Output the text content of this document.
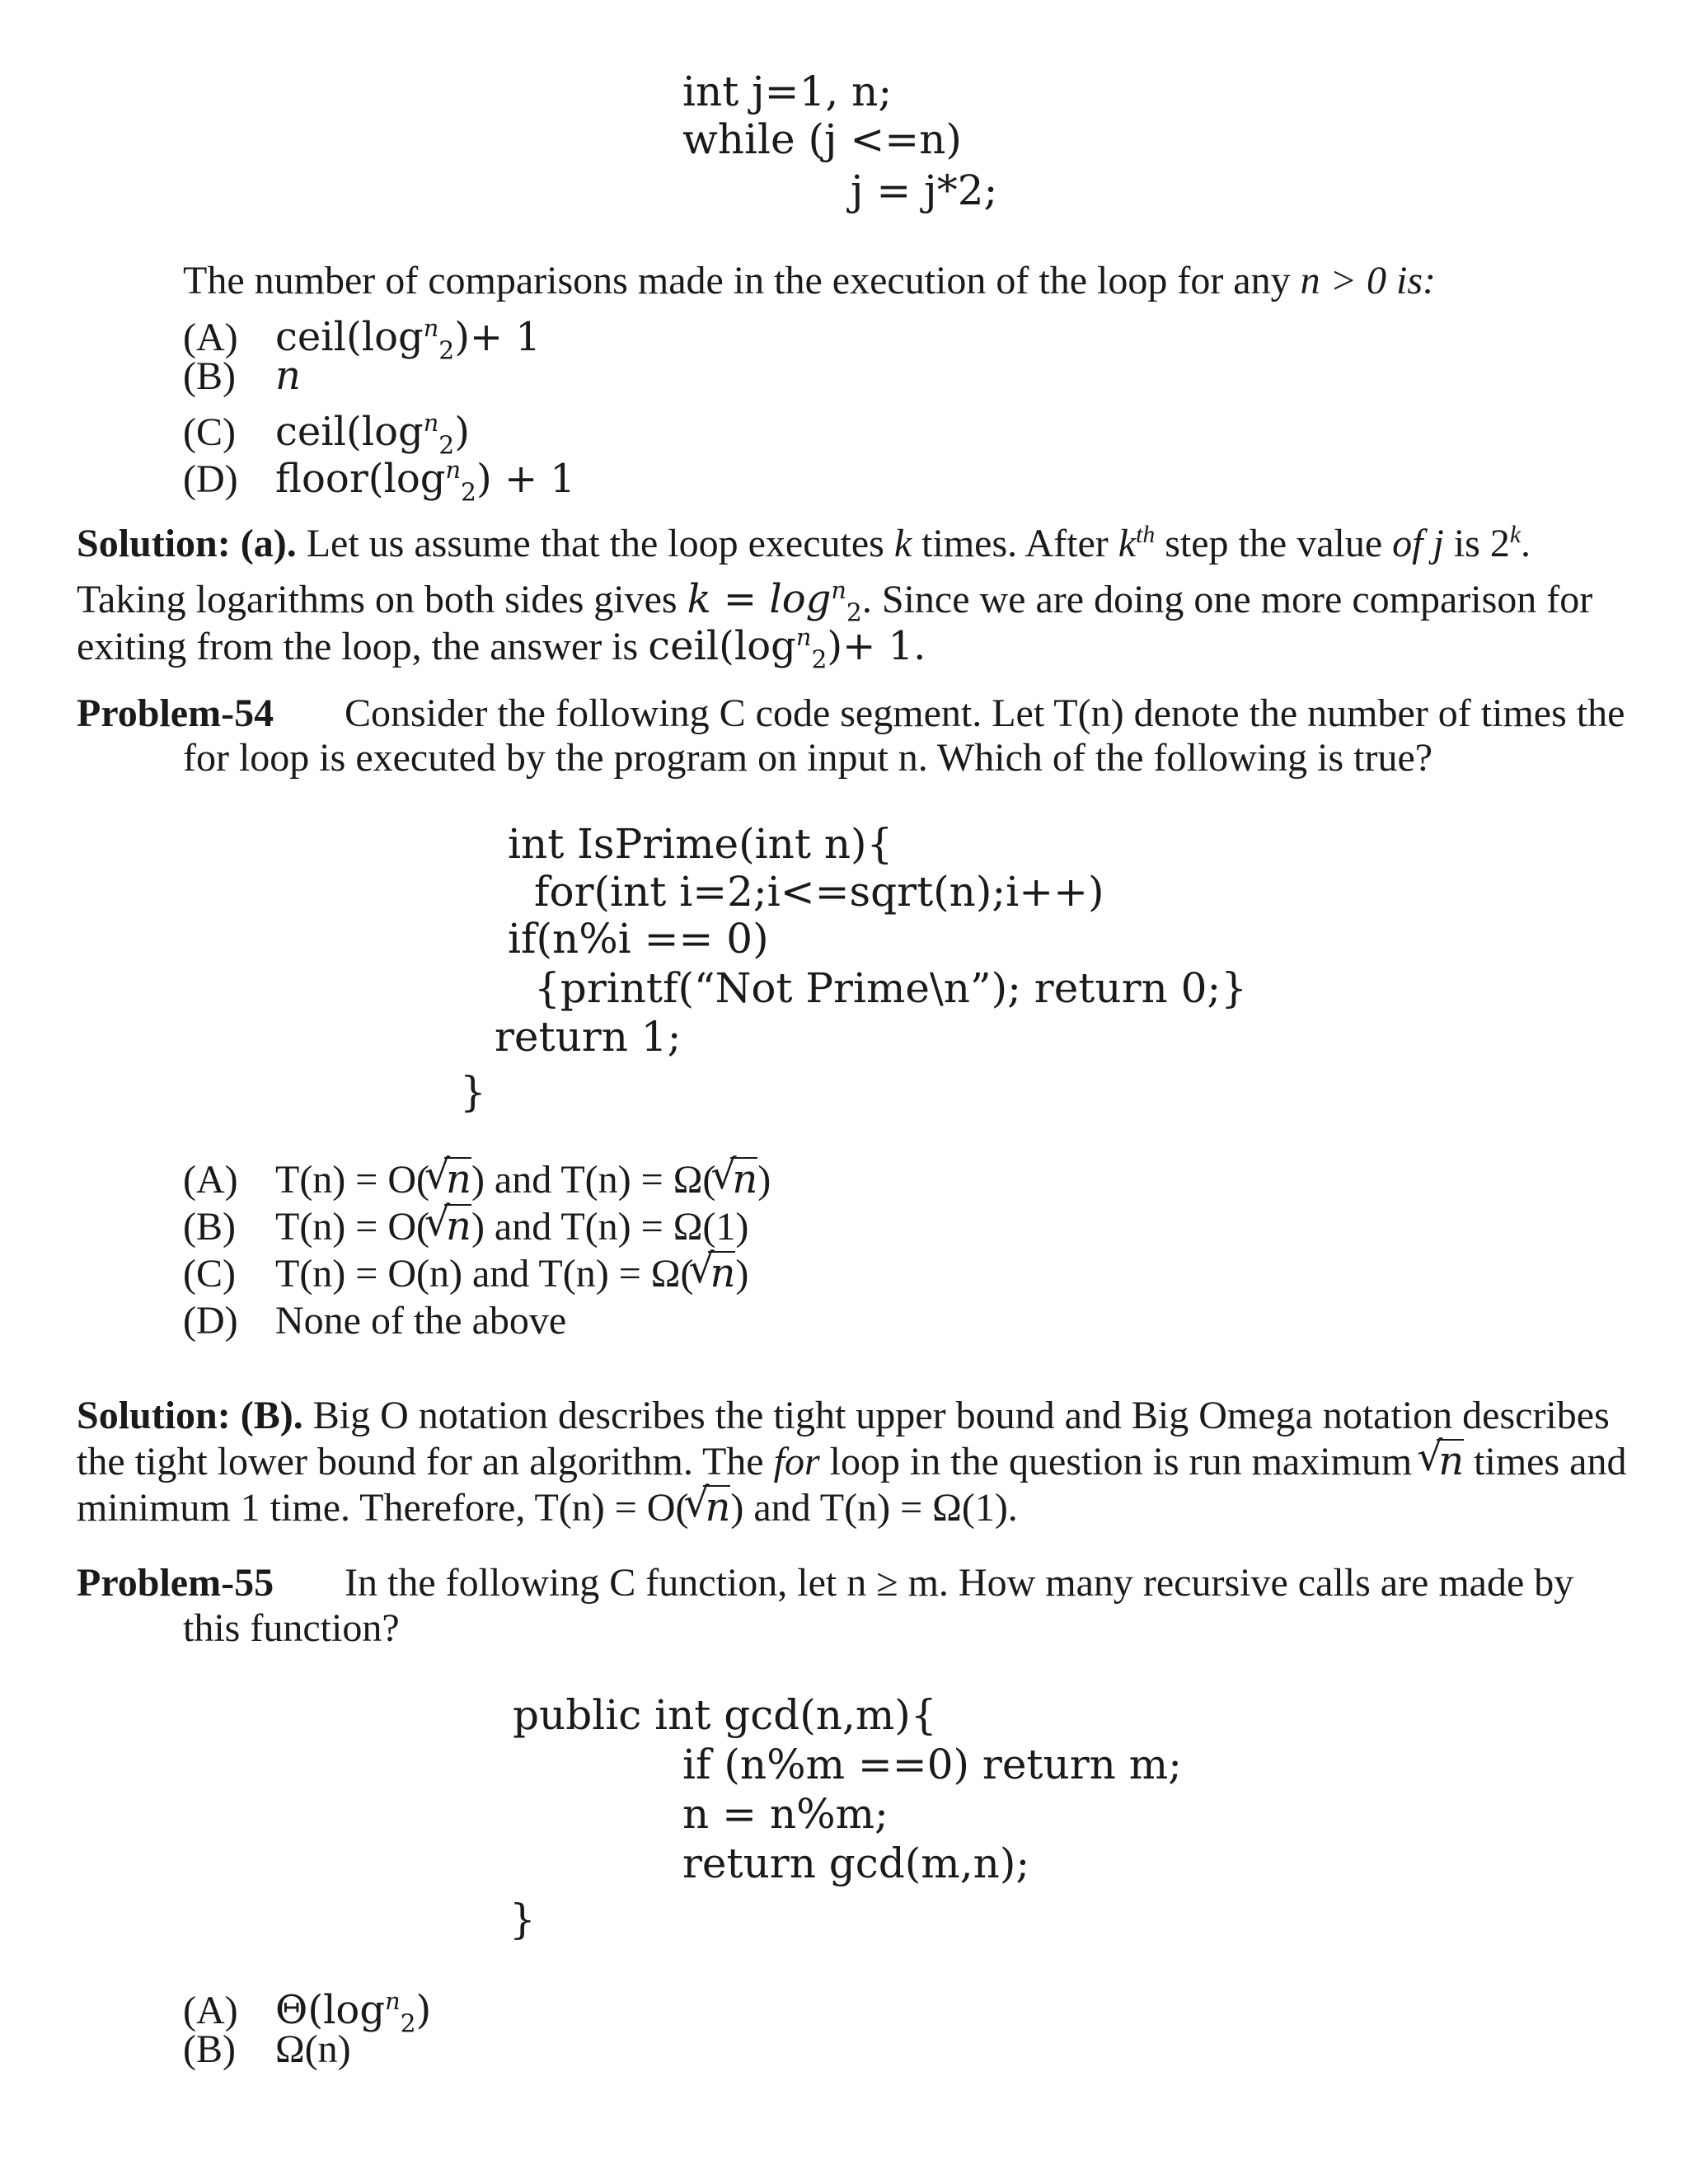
int j=1, n;
while (j <=n)
j = j*2;
The number of comparisons made in the execution of the loop for any n > 0 is:
(A) $ceil(\log^n_2)+ 1$
(B) n
(C) $ceil(\log^n_2)$
(D) $floor(\log^n_2) + 1$
Solution: (a). Let us assume that the loop executes k times. After $k^{th}$ step the value of j is 2$^k$.
Taking logarithms on both sides gives $k = \log^n_2$. Since we are doing one more comparison for
exiting from the loop, the answer is $ceil(\log^n_2)+ 1$.
Problem-54 Consider the following C code segment. Let T(n) denote the number of times the
for loop is executed by the program on input n. Which of the following is true?
int IsPrime(int n){
for(int i=2;i<=sqrt(n);i++)
if(n%i == 0)
{printf(“Not Prime\n”); return 0;}
return 1;
}
(A) T(n) = O( √ n) and T(n) = Ω( √ n)
(B) T(n) = O( √ n) and T(n) = Ω(1)
(C) T(n) = O(n) and T(n) = Ω( √ n)
(D) None of the above
Solution: (B). Big O notation describes the tight upper bound and Big Omega notation describes
the tight lower bound for an algorithm. The for loop in the question is run maximum √ n times and
minimum 1 time. Therefore, T(n) = O( √ n) and T(n) = Ω(1).
Problem-55 In the following C function, let n ≥ m. How many recursive calls are made by
this function?
public int gcd(n,m){
if (n%m ==0) return m;
n = n%m;
return gcd(m,n);
}
(A) $\Theta(\log^n_2)$
(B) Ω(n)
